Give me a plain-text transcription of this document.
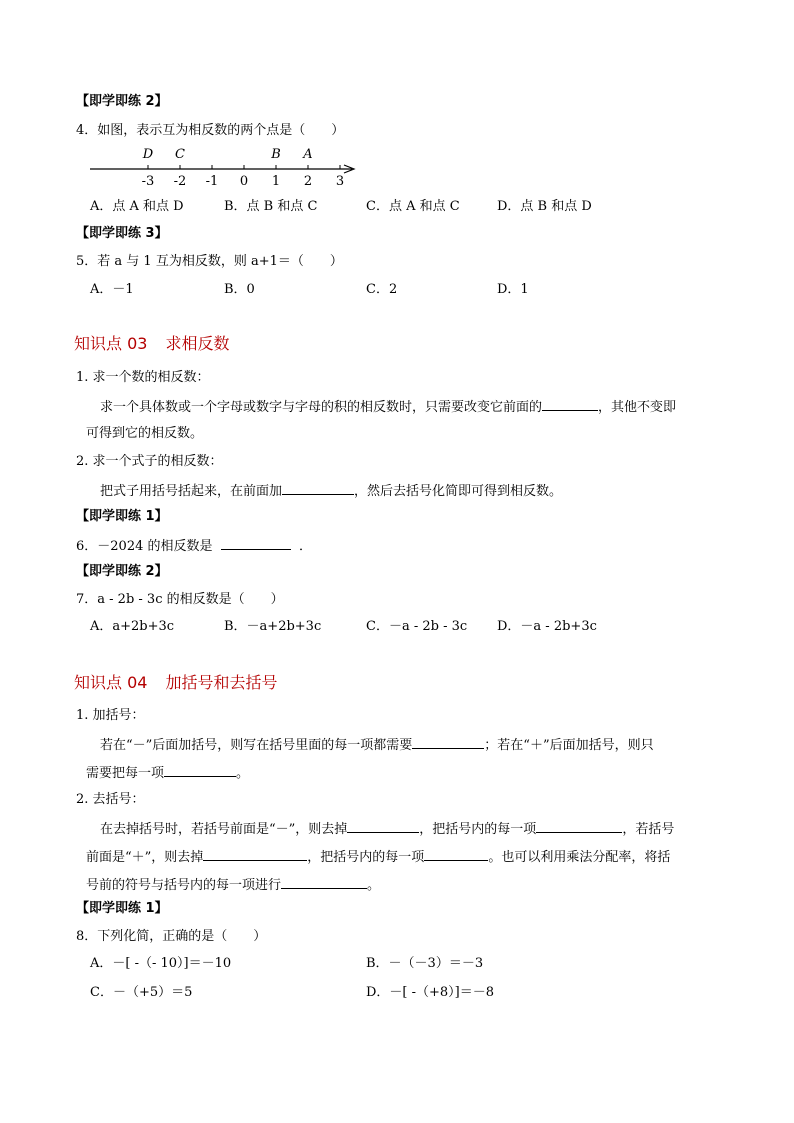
【即学即练 2】
4．如图，表示互为相反数的两个点是（　　）
-3 -2 -1 0 1 2 3
D C	B A
A．点 A 和点 D	B．点 B 和点 C	C．点 A 和点 C	D．点 B 和点 D
【即学即练 3】
5．若 a 与 1 互为相反数，则 a+1＝（　　）
A．－1	B．0	C．2	D．1
知识点 03 求相反数
1. 求一个数的相反数：
求一个具体数或一个字母或数字与字母的积的相反数时，只需要改变它前面的	，其他不变即
可得到它的相反数。
2. 求一个式子的相反数：
把式子用括号括起来，在前面加	，然后去括号化简即可得到相反数。
【即学即练 1】
6．－2024 的相反数是	．
【即学即练 2】
7．a - 2b - 3c 的相反数是（　　）
A．a+2b+3c	B．－a+2b+3c	C．－a - 2b - 3c D．－a - 2b+3c
知识点 04 加括号和去括号
1. 加括号：
若在“－”后面加括号，则写在括号里面的每一项都需要	；若在“＋”后面加括号，则只
需要把每一项	。
2. 去括号：
在去掉括号时，若括号前面是“－”，则去掉	，把括号内的每一项	，若括号
前面是“＋”，则去掉	，把括号内的每一项	。也可以利用乘法分配率，将括
号前的符号与括号内的每一项进行	。
【即学即练 1】
8．下列化简，正确的是（　　）
A．－[ -（- 10）]＝－10	B．－（－3）＝－3
C．－（+5）＝5	D．－[ -（+8）]＝－8
